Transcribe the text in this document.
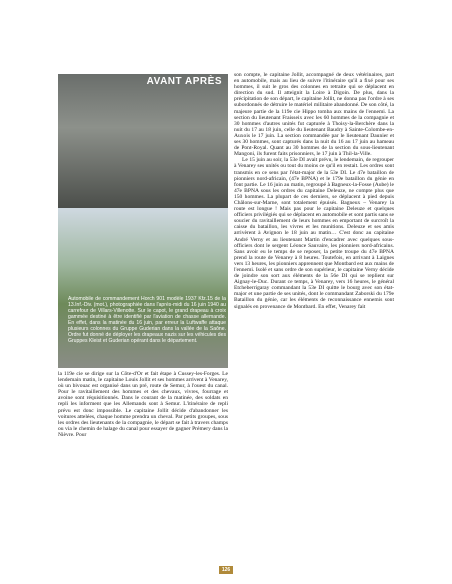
AVANT APRÈS
Automobile de commandement Horch 901 modèle 1937 Kfz.15 de la 13.Inf.-Div. (mot.), photographiée dans l'après-midi du 16 juin 1940 au carrefour de Villars-Villenotte. Sur le capot, le grand drapeau à croix gammée destiné à être identifié par l'aviation de chasse allemande. En effet, dans la matinée du 16 juin, par erreur la Luftwaffe attaque plusieurs colonnes du Gruppe Guderian dans la vallée de la Saône. Ordre fut donné de déployer les drapeaux nazis sur les véhicules des Gruppes Kleist et Guderian opérant dans le département.

la 119e cie se dirige sur la Côte-d'Or et fait étape à Cussey-les-Forges. Le lendemain matin, le capitaine Louis Jollit et ses hommes arrivent à Venarey, où un bivouac est organisé dans un pré, route de Semur, à l'ouest du canal. Pour le ravitaillement des hommes et des chevaux, vivres, fourrage et avoine sont réquisitionnés. Dans le courant de la matinée, des soldats en repli les informent que les Allemands sont à Semur. L'itinéraire de repli prévu est donc impossible. Le capitaine Jollit décide d'abandonner les voitures attelées, chaque homme prendra un cheval. Par petits groupes, sous les ordres des lieutenants de la compagnie, le départ se fait à travers champs ou via le chemin de halage du canal pour essayer de gagner Prémery dans la Nièvre. Pour

son compte, le capitaine Jollit, accompagné de deux vétérinaires, part en automobile, mais au lieu de suivre l'itinéraire qu'il a fixé pour ses hommes, il suit le gros des colonnes en retraite qui se déplacent en direction du sud. Il atteignit la Loire à Digoin. De plus, dans la précipitation de son départ, le capitaine Jollit, ne donna pas l'ordre à ses subordonnés de détruire le matériel militaire abandonné. De son côté, la majeure partie de la 119e cie Hippo tomba aux mains de l'ennemi. La section du lieutenant Fraisseix avec les 60 hommes de la compagnie et 30 hommes d'autres unités fut capturée à Thoisy-la-Berchère dans la nuit du 17 au 18 juin, celle du lieutenant Baudry à Sainte-Colombe-en-Auxois le 17 juin. La section commandée par le lieutenant Daunier et ses 30 hommes, sont capturés dans la nuit du 16 au 17 juin au hameau de Pont-Royal. Quant au 30 hommes de la section du sous-lieutenant Mangoni, ils furent faits prisonniers, le 17 juin à Thil-la-Ville.

Le 15 juin au soir, la 53e DI avait prévu, le lendemain, de regrouper à Venarey ses unités ou tout du moins ce qu'il en restait. Les ordres sont transmis en ce sens par l'état-major de la 53e DI. Le 47e bataillon de pionniers nord-africain, (47e BPNA) et le 179e bataillon du génie en font partie. Le 16 juin au matin, regroupé à Bagneux-la-Fosse (Aube) le 47e BPNA sous les ordres du capitaine Deleuze, ne compte plus que 150 hommes. La plupart de ces derniers, se déplacent à pied depuis Châlons-sur-Marne, sont totalement épuisés. Bagneux – Venarey la route est longue ! Mais pas pour le capitaine Deleuze et quelques officiers privilégiés qui se déplacent en automobile et sont partis sans se soucier du ravitaillement de leurs hommes en emportant de surcroît la caisse du bataillon, les vivres et les munitions. Deleuze et ses amis arrivèrent à Avignon le 18 juin au matin… C'est donc au capitaine André Verny et au lieutenant Martin d'encadrer avec quelques sous-officiers dont le sergent Léonce Sauvaire, les pionniers nord-africains. Sans avoir eu le temps de se reposer, la petite troupe du 47e BPNA prend la route de Venarey à 8 heures. Toutefois, en arrivant à Laignes vers 13 heures, les pionniers apprennent que Montbard est aux mains de l'ennemi. Isolé et sans ordre de son supérieur, le capitaine Verny décide de joindre son sort aux éléments de la 56e DI qui se replient sur Aignay-le-Duc. Durant ce temps, à Venarey, vers 16 heures, le général Etcheberrigaray commandant la 53e DI quitte le bourg avec son état-major et une partie de ses unités, dont le commandant Zaborski du 179e Bataillon du génie, car les éléments de reconnaissance ennemis sont signalés en provenance de Montbard. En effet, Venarey fait

126
